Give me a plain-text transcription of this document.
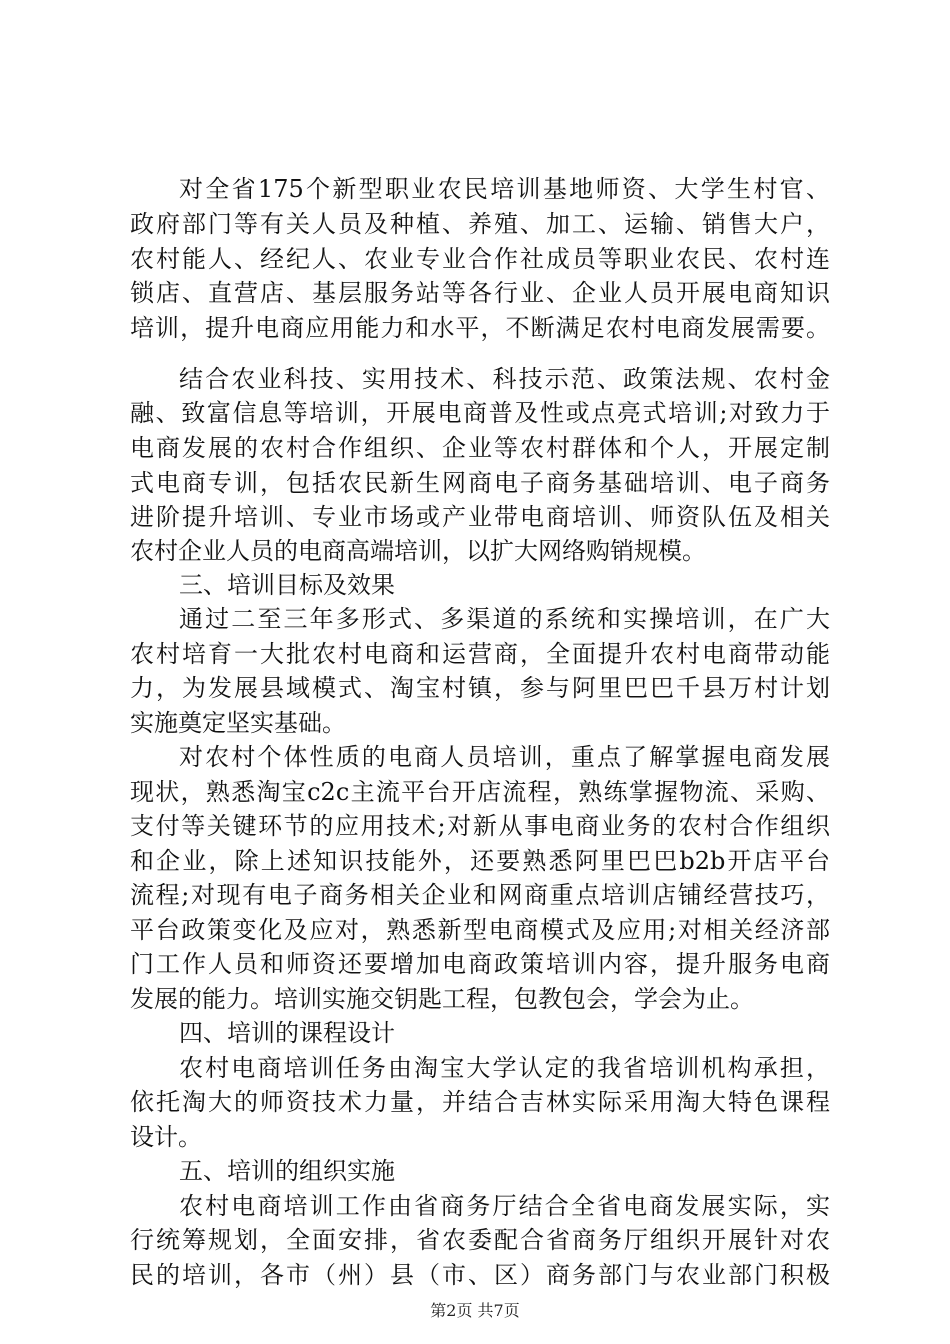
对全省175个新型职业农民培训基地师资、大学生村官、
政府部门等有关人员及种植、养殖、加工、运输、销售大户，
农村能人、经纪人、农业专业合作社成员等职业农民、农村连
锁店、直营店、基层服务站等各行业、企业人员开展电商知识
培训，提升电商应用能力和水平，不断满足农村电商发展需要。
结合农业科技、实用技术、科技示范、政策法规、农村金
融、致富信息等培训，开展电商普及性或点亮式培训;对致力于
电商发展的农村合作组织、企业等农村群体和个人，开展定制
式电商专训，包括农民新生网商电子商务基础培训、电子商务
进阶提升培训、专业市场或产业带电商培训、师资队伍及相关
农村企业人员的电商高端培训，以扩大网络购销规模。
三、培训目标及效果
通过二至三年多形式、多渠道的系统和实操培训，在广大
农村培育一大批农村电商和运营商，全面提升农村电商带动能
力，为发展县域模式、淘宝村镇，参与阿里巴巴千县万村计划
实施奠定坚实基础。
对农村个体性质的电商人员培训，重点了解掌握电商发展
现状，熟悉淘宝c2c主流平台开店流程，熟练掌握物流、采购、
支付等关键环节的应用技术;对新从事电商业务的农村合作组织
和企业，除上述知识技能外，还要熟悉阿里巴巴b2b开店平台
流程;对现有电子商务相关企业和网商重点培训店铺经营技巧，
平台政策变化及应对，熟悉新型电商模式及应用;对相关经济部
门工作人员和师资还要增加电商政策培训内容，提升服务电商
发展的能力。培训实施交钥匙工程，包教包会，学会为止。
四、培训的课程设计
农村电商培训任务由淘宝大学认定的我省培训机构承担，
依托淘大的师资技术力量，并结合吉林实际采用淘大特色课程
设计。
五、培训的组织实施
农村电商培训工作由省商务厅结合全省电商发展实际，实
行统筹规划，全面安排，省农委配合省商务厅组织开展针对农
民的培训，各市（州）县（市、区）商务部门与农业部门积极
第2页 共7页
